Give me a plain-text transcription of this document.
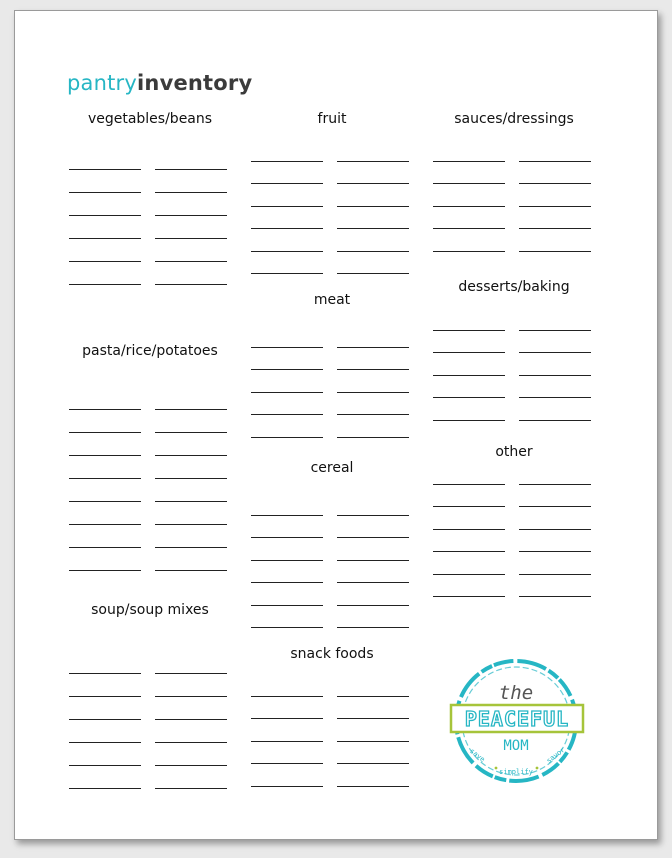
pantryinventory
vegetables/beans
pasta/rice/potatoes
soup/soup mixes
fruit
meat
cereal
snack foods
sauces/dressings
desserts/baking
other
the
PEACEFUL
MOM
save
simplify
savor
